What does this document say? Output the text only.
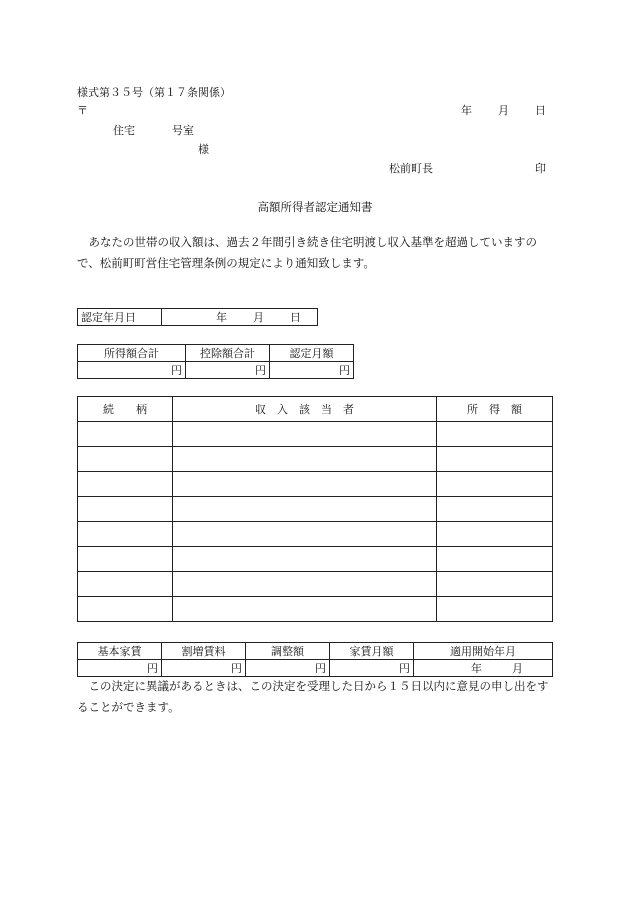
様式第３５号（第１７条関係）
〒	年 月 日
住宅	号室
様
松前町長	印
高額所得者認定通知書
　あなたの世帯の収入額は、過去２年間引き続き住宅明渡し収入基準を超過していますので、松前町町営住宅管理条例の規定により通知致します。
認定年月日	年 月 日
所得額合計	控除額合計	認定月額
円	円	円
続　　柄	収　入　該　当　者	所　得　額

基本家賃	割増賃料	調整額	家賃月額	適用開始年月
円	円	円	円	年 月
　この決定に異議があるときは、この決定を受理した日から１５日以内に意見の申し出をすることができます。
